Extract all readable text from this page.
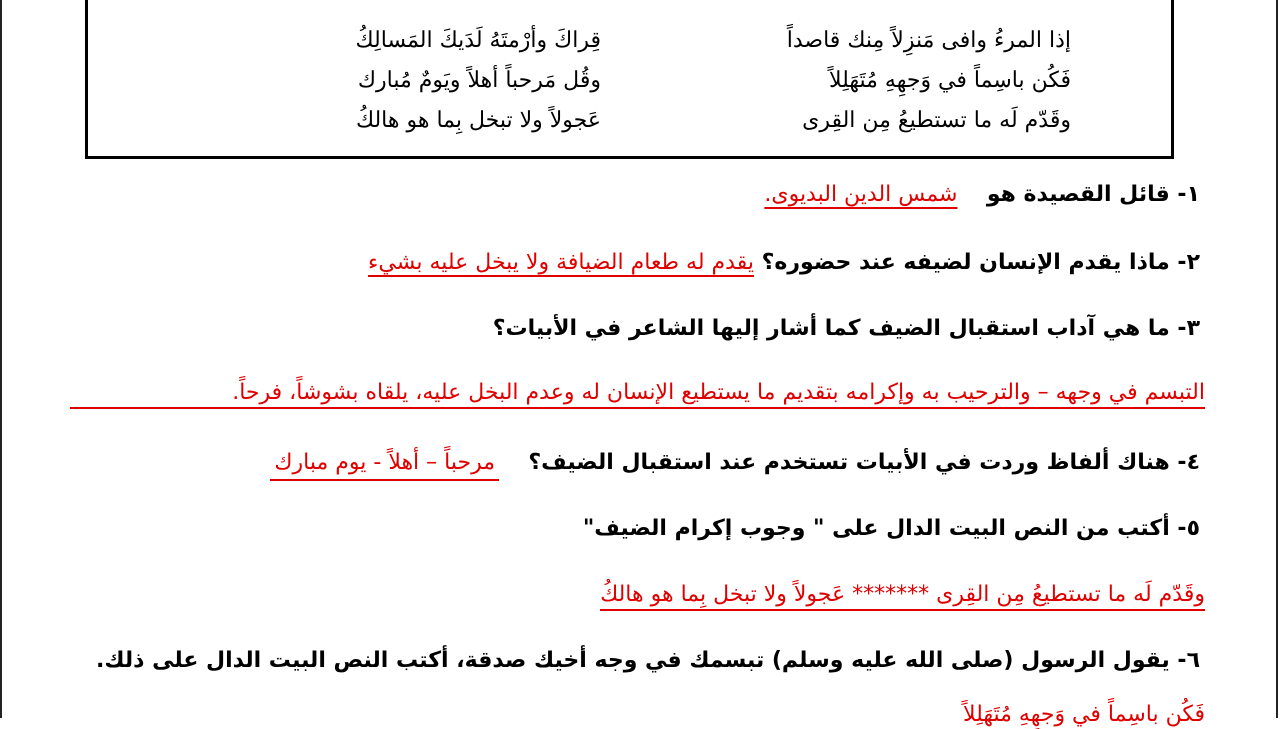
إذا المرءُ وافى مَنزِلاً مِنك قاصداً
قِراكَ وأرْمتَهُ لَدَيكَ المَسالِكُ
فَكُن باسِماً في وَجهِهِ مُتَهَلِلاً
وقُل مَرحباً أهلاً ويَومٌ مُبارك
وقَدّم لَه ما تستطيعُ مِن القِرى
عَجولاً ولا تبخل بِما هو هالكُ
١- قائل القصيدة هو  شمس الدين البديوى.
٢- ماذا يقدم الإنسان لضيفه عند حضوره؟ يقدم له طعام الضيافة ولا يبخل عليه بشيء
٣- ما هي آداب استقبال الضيف كما أشار إليها الشاعر في الأبيات؟
التبسم في وجهه – والترحيب به وإكرامه بتقديم ما يستطيع الإنسان له وعدم البخل عليه، يلقاه بشوشاً، فرحاً.
٤- هناك ألفاظ وردت في الأبيات تستخدم عند استقبال الضيف؟  مرحباً – أهلاً - يوم مبارك
٥- أكتب من النص البيت الدال على " وجوب إكرام الضيف"
وقَدّم لَه ما تستطيعُ مِن القِرى ******* عَجولاً ولا تبخل بِما هو هالكُ
٦- يقول الرسول (صلى الله عليه وسلم) تبسمك في وجه أخيك صدقة، أكتب النص البيت الدال على ذلك.
فَكُن باسِماً في وَجهِهِ مُتَهَلِلاً
